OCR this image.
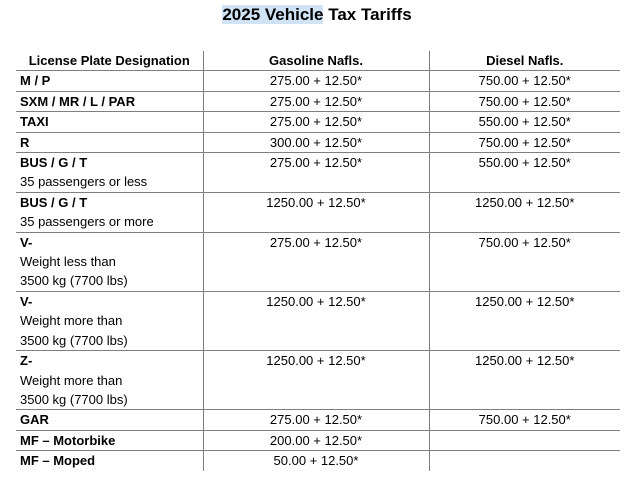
2025 Vehicle Tax Tariffs
License Plate Designation	Gasoline Nafls.	Diesel Nafls.

M / P	275.00 + 12.50*	750.00 + 12.50*

SXM / MR / L / PAR	275.00 + 12.50*	750.00 + 12.50*

TAXI	275.00 + 12.50*	550.00 + 12.50*

R	300.00 + 12.50*	750.00 + 12.50*

BUS / G / T
35 passengers or less	275.00 + 12.50*	550.00 + 12.50*

BUS / G / T
35 passengers or more	1250.00 + 12.50*	1250.00 + 12.50*

V-
Weight less than
3500 kg (7700 lbs)	275.00 + 12.50*	750.00 + 12.50*

V-
Weight more than
3500 kg (7700 lbs)	1250.00 + 12.50*	1250.00 + 12.50*

Z-
Weight more than
3500 kg (7700 lbs)	1250.00 + 12.50*	1250.00 + 12.50*

GAR	275.00 + 12.50*	750.00 + 12.50*

MF – Motorbike	200.00 + 12.50*	

MF – Moped	50.00 + 12.50*	
